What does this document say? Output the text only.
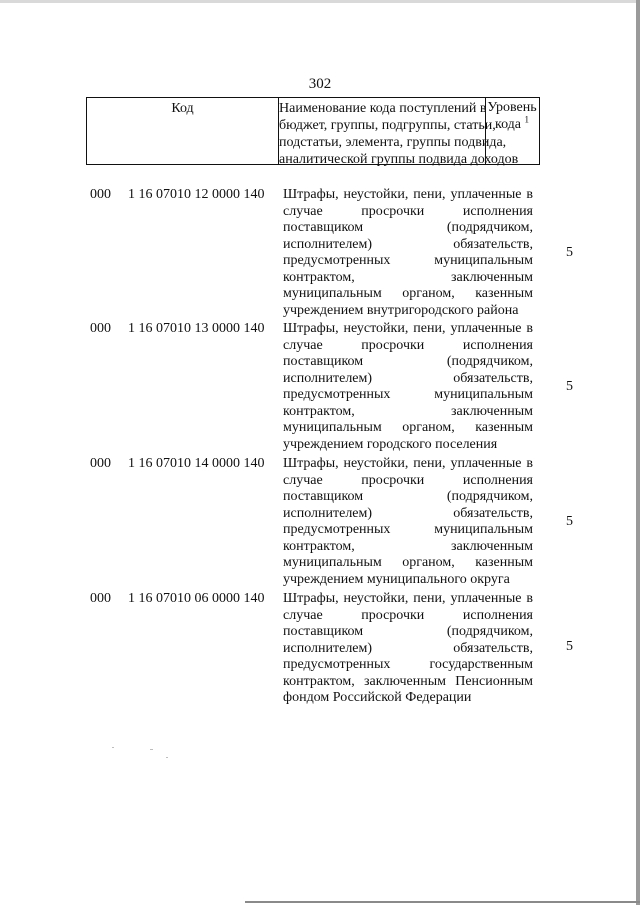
302
Код	Наименование кода поступлений в
бюджет, группы, подгруппы, статьи,
подстатьи, элемента, группы подвида,
аналитической группы подвида доходов
Уровень
кода $^1$
000 1 16 07010 12 0000 140 Штрафы, неустойки, пени, уплаченные в
случае просрочки исполнения
поставщиком (подрядчиком,
исполнителем) обязательств,
предусмотренных муниципальным
контрактом, заключенным
муниципальным органом, казенным
учреждением внутригородского района
5
000 1 16 07010 13 0000 140 Штрафы, неустойки, пени, уплаченные в
случае просрочки исполнения
поставщиком (подрядчиком,
исполнителем) обязательств,
предусмотренных муниципальным
контрактом, заключенным
муниципальным органом, казенным
учреждением городского поселения
5
000 1 16 07010 14 0000 140 Штрафы, неустойки, пени, уплаченные в
случае просрочки исполнения
поставщиком (подрядчиком,
исполнителем) обязательств,
предусмотренных муниципальным
контрактом, заключенным
муниципальным органом, казенным
учреждением муниципального округа
5
000 1 16 07010 06 0000 140 Штрафы, неустойки, пени, уплаченные в
случае просрочки исполнения
поставщиком (подрядчиком,
исполнителем) обязательств,
предусмотренных государственным
контрактом, заключенным Пенсионным
фондом Российской Федерации
5
